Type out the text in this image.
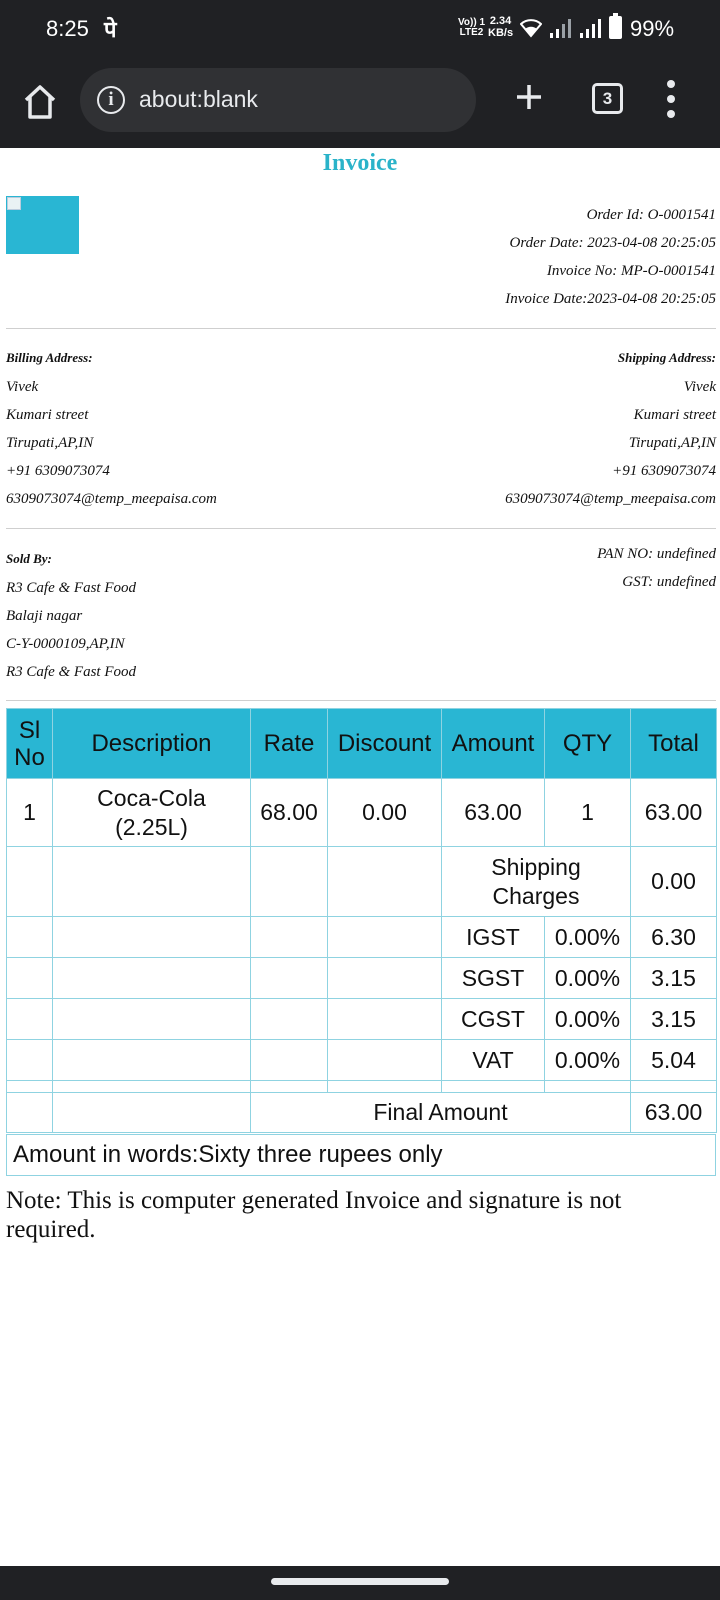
8:25 पे	Vo)) 1
LTE2
2.34
KB/s	99%
i	about:blank	3
Invoice
Order Id: O-0001541
Order Date: 2023-04-08 20:25:05
Invoice No: MP-O-0001541
Invoice Date:2023-04-08 20:25:05
Billing Address:
Vivek
Kumari street
Tirupati,AP,IN
+91 6309073074
6309073074@temp_meepaisa.com
Shipping Address:
Vivek
Kumari street
Tirupati,AP,IN
+91 6309073074
6309073074@temp_meepaisa.com
Sold By:
R3 Cafe & Fast Food
Balaji nagar
C-Y-0000109,AP,IN
R3 Cafe & Fast Food
PAN NO: undefined
GST: undefined
Sl No	Description	Rate	Discount	Amount	QTY	Total
1	Coca-Cola (2.25L)	68.00	0.00	63.00	1	63.00
				Shipping Charges		0.00
				IGST	0.00%	6.30
				SGST	0.00%	3.15
				CGST	0.00%	3.15
				VAT	0.00%	5.04

		Final Amount				63.00
Amount in words:Sixty three rupees only
Note: This is computer generated Invoice and signature is not required.
